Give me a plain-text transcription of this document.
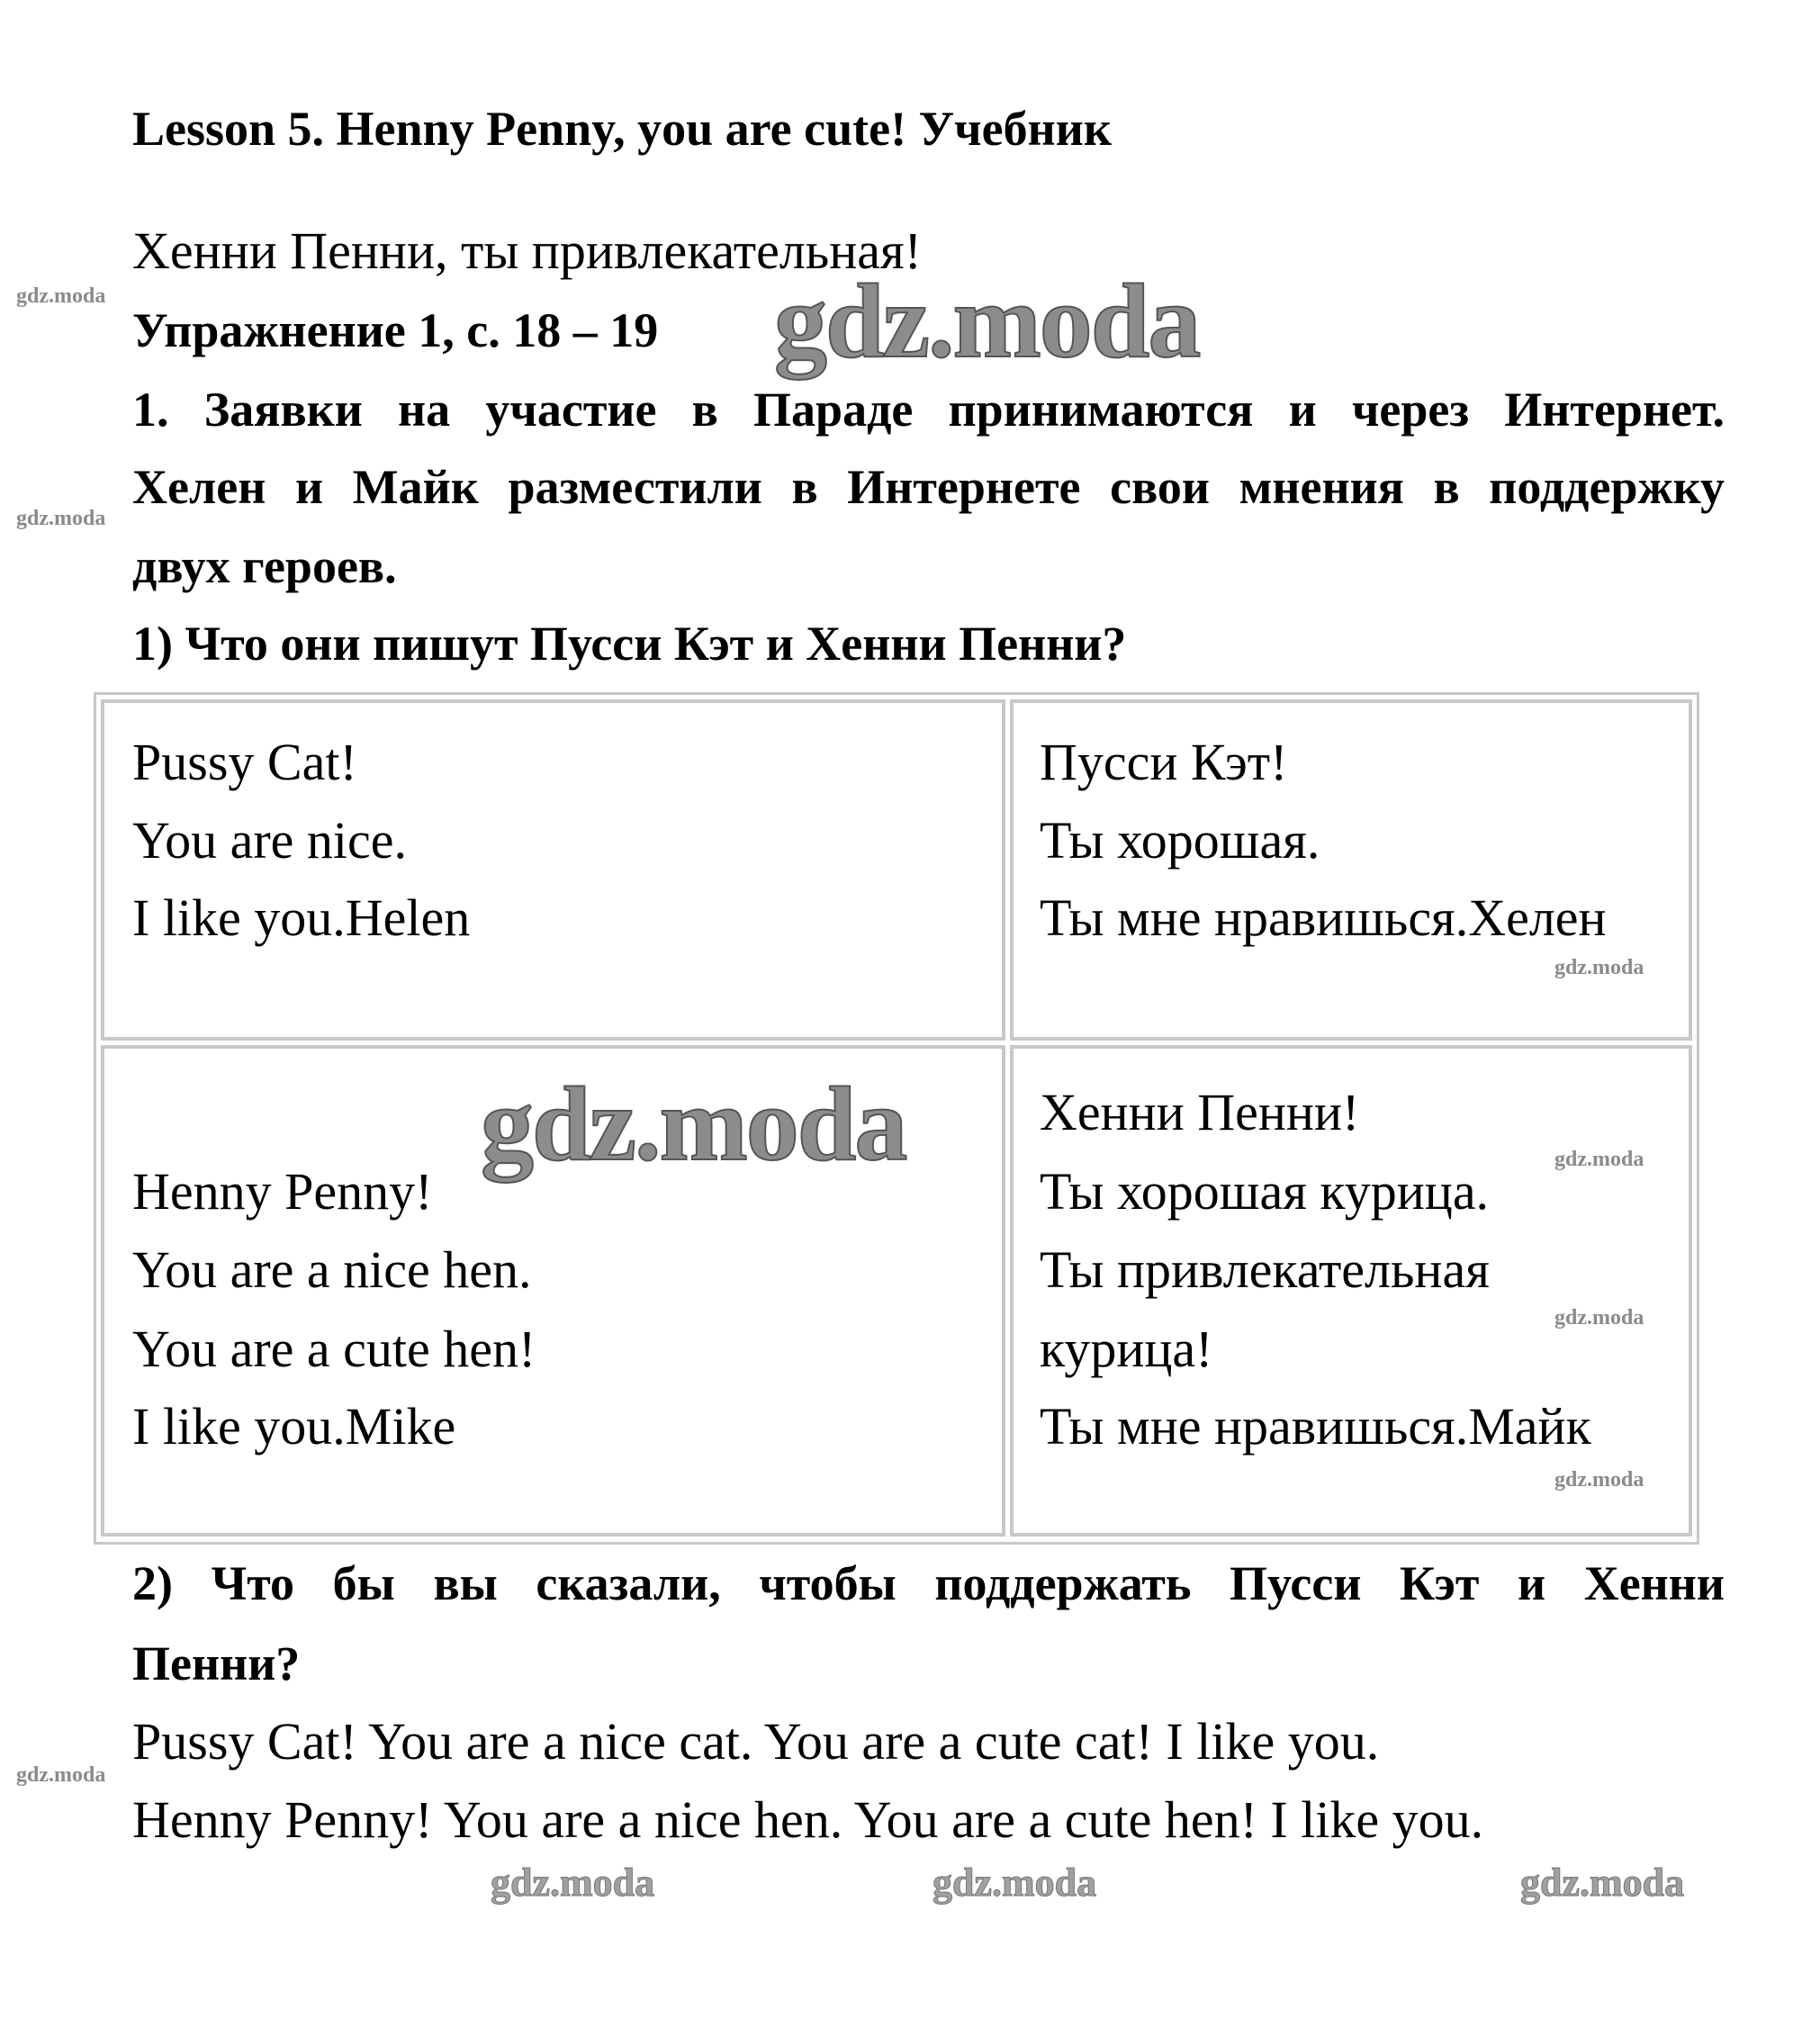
Lesson 5. Henny Penny, you are cute! Учебник
Хенни Пенни, ты привлекательная!
Упражнение 1, с. 18 – 19
1. Заявки на участие в Параде принимаются и через Интернет.
Хелен и Майк разместили в Интернете свои мнения в поддержку
двух героев.
1) Что они пишут Пусси Кэт и Хенни Пенни?
Pussy Cat!
You are nice.
I like you.Helen
Пусси Кэт!
Ты хорошая.
Ты мне нравишься.Хелен
Henny Penny!
You are a nice hen.
You are a cute hen!
I like you.Mike
Хенни Пенни!
Ты хорошая курица.
Ты привлекательная
курица!
Ты мне нравишься.Майк
2) Что бы вы сказали, чтобы поддержать Пусси Кэт и Хенни
Пенни?
Pussy Cat! You are a nice cat. You are a cute cat! I like you.
Henny Penny! You are a nice hen. You are a cute hen! I like you.
gdz.moda
gdz.moda
gdz.moda
gdz.moda
gdz.moda
gdz.moda
gdz.moda
gdz.moda
gdz.moda
gdz.moda	gdz.moda	gdz.moda
